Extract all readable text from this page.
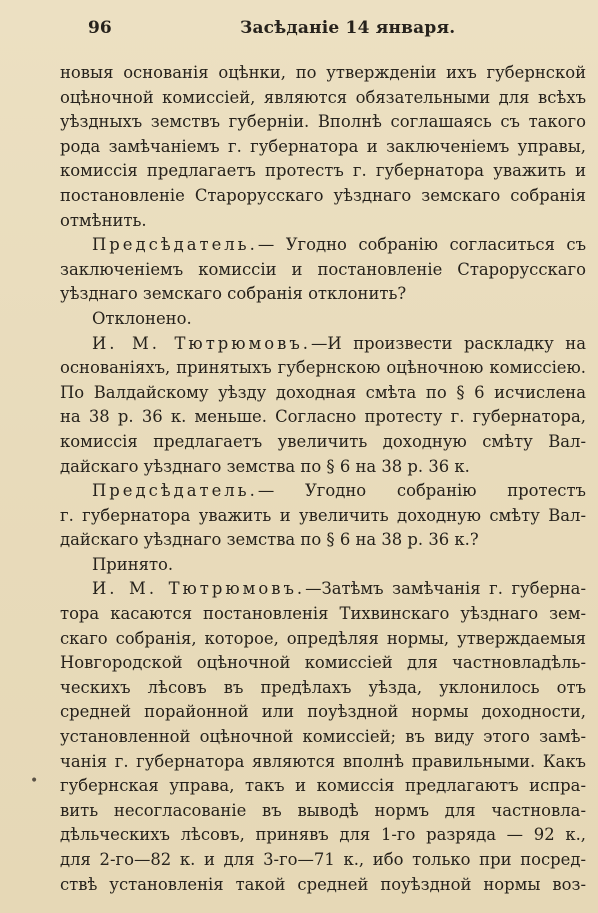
96	Засѣданіе 14 января.
•
новыя основанія оцѣнки, по утвержденіи ихъ губернской
оцѣночной комиссіей, являются обязательными для всѣхъ
уѣздныхъ земствъ губерніи. Вполнѣ соглашаясь съ такого
рода замѣчаніемъ г. губернатора и заключеніемъ управы,
комиссія предлагаетъ протестъ г. губернатора уважить и
постановленіе Старорусскаго уѣзднаго земскаго собранія
отмѣнить.
Предсѣдатель.— Угодно собранію согласиться съ
заключеніемъ комиссіи и постановленіе Старорусскаго
уѣзднаго земскаго собранія отклонить?
Отклонено.
И. М. Тютрюмовъ.—И произвести раскладку на
основаніяхъ, принятыхъ губернскою оцѣночною комиссіею.
По Валдайскому уѣзду доходная смѣта по § 6 исчислена
на 38 р. 36 к. меньше. Согласно протесту г. губернатора,
комиссія предлагаетъ увеличить доходную смѣту Вал-
дайскаго уѣзднаго земства по § 6 на 38 р. 36 к.
Предсѣдатель.— Угодно собранію протестъ
г. губернатора уважить и увеличить доходную смѣту Вал-
дайскаго уѣзднаго земства по § 6 на 38 р. 36 к.?
Принято.
И. М. Тютрюмовъ.—Затѣмъ замѣчанія г. губерна-
тора касаются постановленія Тихвинскаго уѣзднаго зем-
скаго собранія, которое, опредѣляя нормы, утверждаемыя
Новгородской оцѣночной комиссіей для частновладѣль-
ческихъ лѣсовъ въ предѣлахъ уѣзда, уклонилось отъ
средней порайонной или поуѣздной нормы доходности,
установленной оцѣночной комиссіей; въ виду этого замѣ-
чанія г. губернатора являются вполнѣ правильными. Какъ
губернская управа, такъ и комиссія предлагаютъ испра-
вить несогласованіе въ выводѣ нормъ для частновла-
дѣльческихъ лѣсовъ, принявъ для 1-го разряда — 92 к.,
для 2-го—82 к. и для 3-го—71 к., ибо только при посред-
ствѣ установленія такой средней поуѣздной нормы воз-
